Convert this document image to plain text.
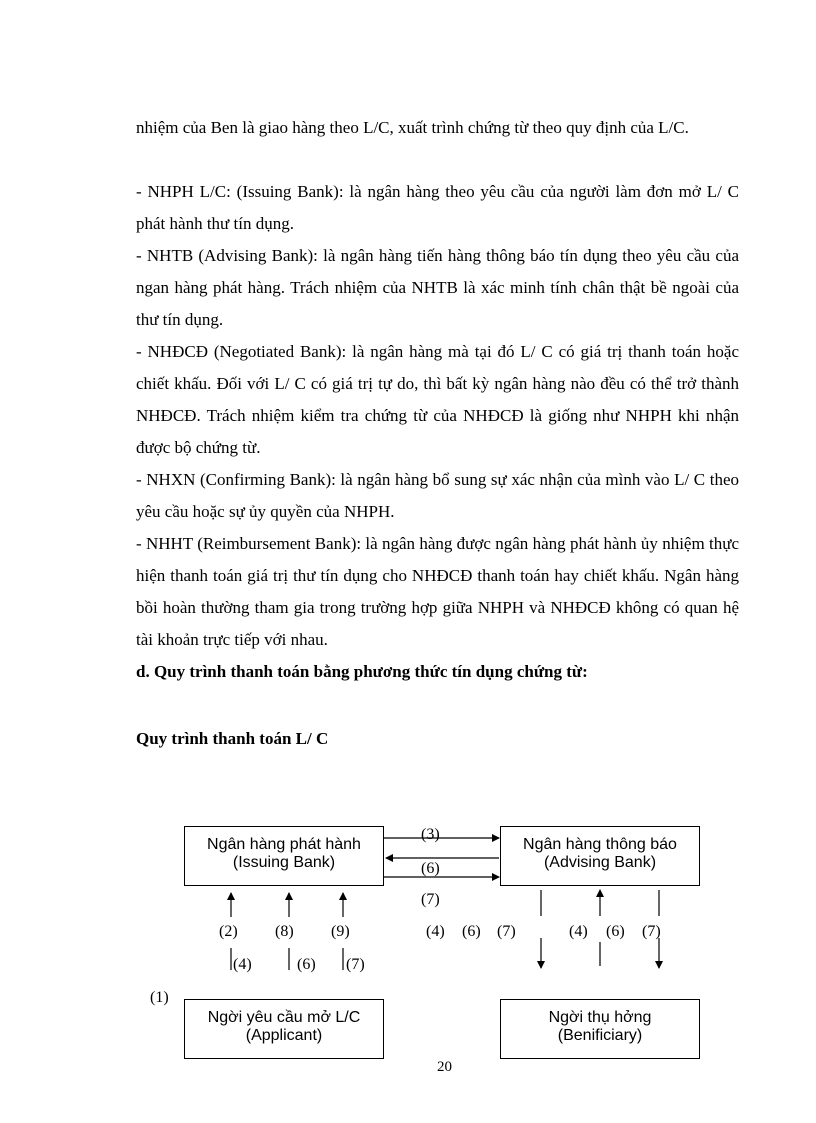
nhiệm của Ben là giao hàng theo L/C, xuất trình chứng từ theo quy định của L/C.

- NHPH L/C: (Issuing Bank): là ngân hàng theo yêu cầu của người làm đơn mở L/ C phát hành thư tín dụng.

- NHTB (Advising Bank): là ngân hàng tiến hàng thông báo tín dụng theo yêu cầu của ngan hàng phát hàng. Trách nhiệm của NHTB là xác minh tính chân thật bề ngoài của thư tín dụng.

- NHĐCĐ (Negotiated Bank): là ngân hàng mà tại đó L/ C có giá trị thanh toán hoặc chiết khấu. Đối với L/ C có giá trị tự do, thì bất kỳ ngân hàng nào đều có thể trở thành NHĐCĐ. Trách nhiệm kiểm tra chứng từ của NHĐCĐ là giống như NHPH khi nhận được bộ chứng từ.

- NHXN (Confirming Bank): là ngân hàng bổ sung sự xác nhận của mình vào L/ C theo yêu cầu hoặc sự ủy quyền của NHPH.

- NHHT (Reimbursement Bank): là ngân hàng được ngân hàng phát hành ủy nhiệm thực hiện thanh toán giá trị thư tín dụng cho NHĐCĐ thanh toán hay chiết khấu. Ngân hàng bồi hoàn thường tham gia trong trường hợp giữa NHPH và NHĐCĐ không có quan hệ tài khoản trực tiếp với nhau.

d. Quy trình thanh toán bằng phương thức tín dụng chứng từ:

Quy trình thanh toán L/ C

Ngân hàng phát hành
(Issuing Bank)
Ngân hàng thông báo
(Advising Bank)
Ngời yêu cầu mở L/C
(Applicant)
Ngời thụ hởng
(Benificiary)
(3)
(6)
(7)
(2) (8) (9)
(4)	(6) (7)
(4) (6) (7)	(4) (6) (7)
(1)
20
